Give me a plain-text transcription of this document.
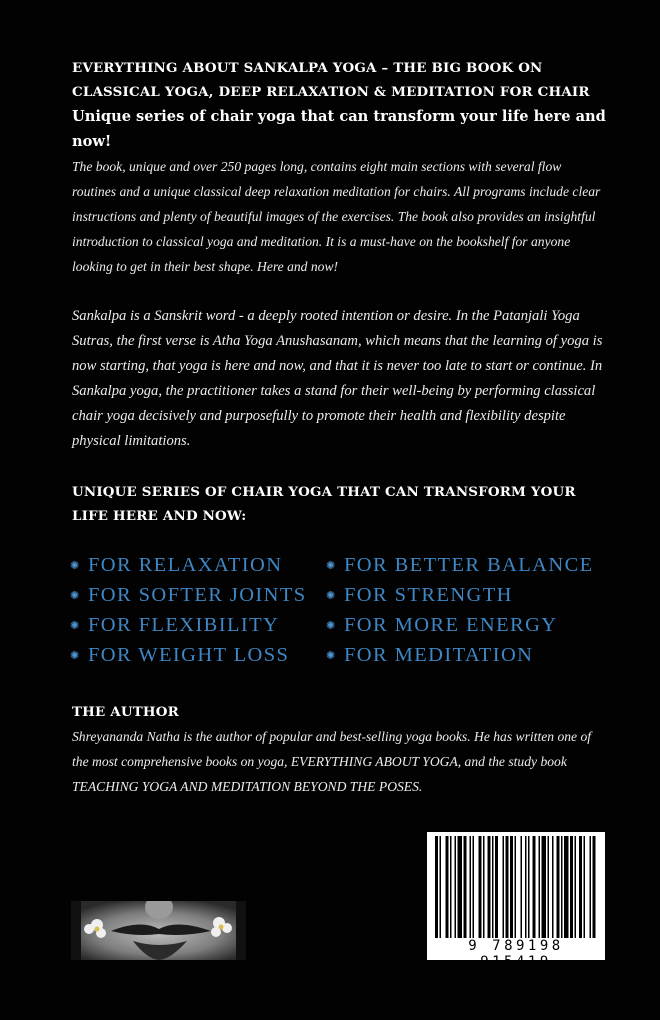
EVERYTHING ABOUT SANKALPA YOGA – THE BIG BOOK ON

CLASSICAL YOGA, DEEP RELAXATION & MEDITATION FOR CHAIR

Unique series of chair yoga that can transform your life here and now!

The book, unique and over 250 pages long, contains eight main sections with several flow routines and a unique classical deep relaxation meditation for chairs. All programs include clear instructions and plenty of beautiful images of the exercises. The book also provides an insightful introduction to classical yoga and meditation. It is a must-have on the bookshelf for anyone looking to get in their best shape. Here and now!

Sankalpa is a Sanskrit word - a deeply rooted intention or desire. In the Patanjali Yoga Sutras, the first verse is Atha Yoga Anushasanam, which means that the learning of yoga is now starting, that yoga is here and now, and that it is never too late to start or continue. In Sankalpa yoga, the practitioner takes a stand for their well-being by performing classical chair yoga decisively and purposefully to promote their health and flexibility despite physical limitations.

UNIQUE SERIES OF CHAIR YOGA THAT CAN TRANSFORM YOUR LIFE HERE AND NOW:

✺ FOR RELAXATION
✺ FOR SOFTER JOINTS
✺ FOR FLEXIBILITY
✺ FOR WEIGHT LOSS
✺ FOR BETTER BALANCE
✺ FOR STRENGTH
✺ FOR MORE ENERGY
✺ FOR MEDITATION

THE AUTHOR

Shreyananda Natha is the author of popular and best-selling yoga books. He has written one of the most comprehensive books on yoga, EVERYTHING ABOUT YOGA, and the study book TEACHING YOGA AND MEDITATION BEYOND THE POSES.

9 789198 915419
